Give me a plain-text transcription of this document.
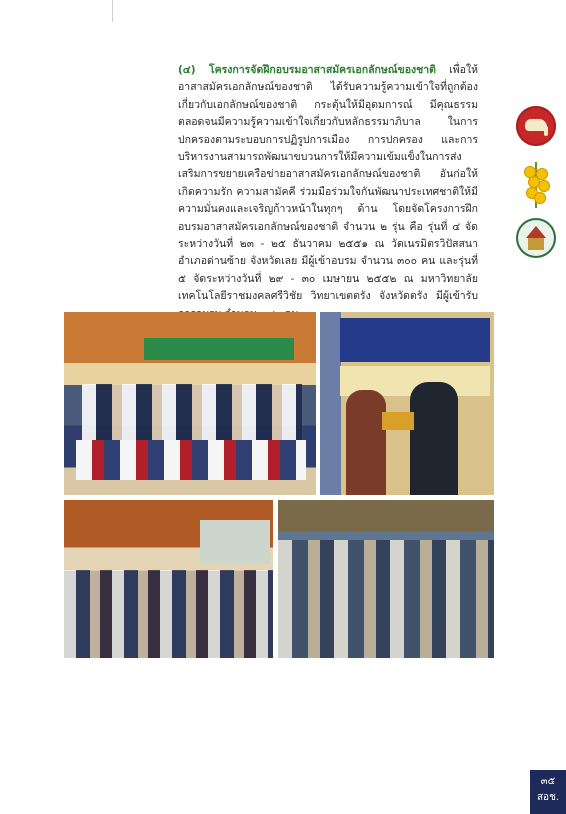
(๔) โครงการจัดฝึกอบรมอาสาสมัครเอกลักษณ์ของชาติ เพื่อให้อาสาสมัครเอกลักษณ์ของชาติ ได้รับความรู้ความเข้าใจที่ถูกต้องเกี่ยวกับเอกลักษณ์ของชาติ กระตุ้นให้มีอุดมการณ์ มีคุณธรรม ตลอดจนมีความรู้ความเข้าใจเกี่ยวกับหลักธรรมาภิบาล ในการปกครองตามระบอบการปฏิรูปการเมือง การปกครอง และการบริหารงานสามารถพัฒนาขบวนการให้มีความเข้มแข็งในการส่งเสริมการขยายเครือข่ายอาสาสมัครเอกลักษณ์ของชาติ อันก่อให้เกิดความรัก ความสามัคคี ร่วมมือร่วมใจกันพัฒนาประเทศชาติให้มีความมั่นคงและเจริญก้าวหน้าในทุกๆ ด้าน โดยจัดโครงการฝึกอบรมอาสาสมัครเอกลักษณ์ของชาติ จำนวน ๒ รุ่น คือ รุ่นที่ ๔ จัดระหว่างวันที่ ๒๓ - ๒๕ ธันวาคม ๒๕๕๑ ณ วัดเนรมิตรวิปัสสนา อำเภอด่านซ้าย จังหวัดเลย มีผู้เข้าอบรม จำนวน ๓๐๐ คน และรุ่นที่ ๕ จัดระหว่างวันที่ ๒๙ - ๓๐ เมษายน ๒๕๕๒ ณ มหาวิทยาลัยเทคโนโลยีราชมงคลศรีวิชัย วิทยาเขตตรัง จังหวัดตรัง มีผู้เข้ารับ

๓๕
สอช.
